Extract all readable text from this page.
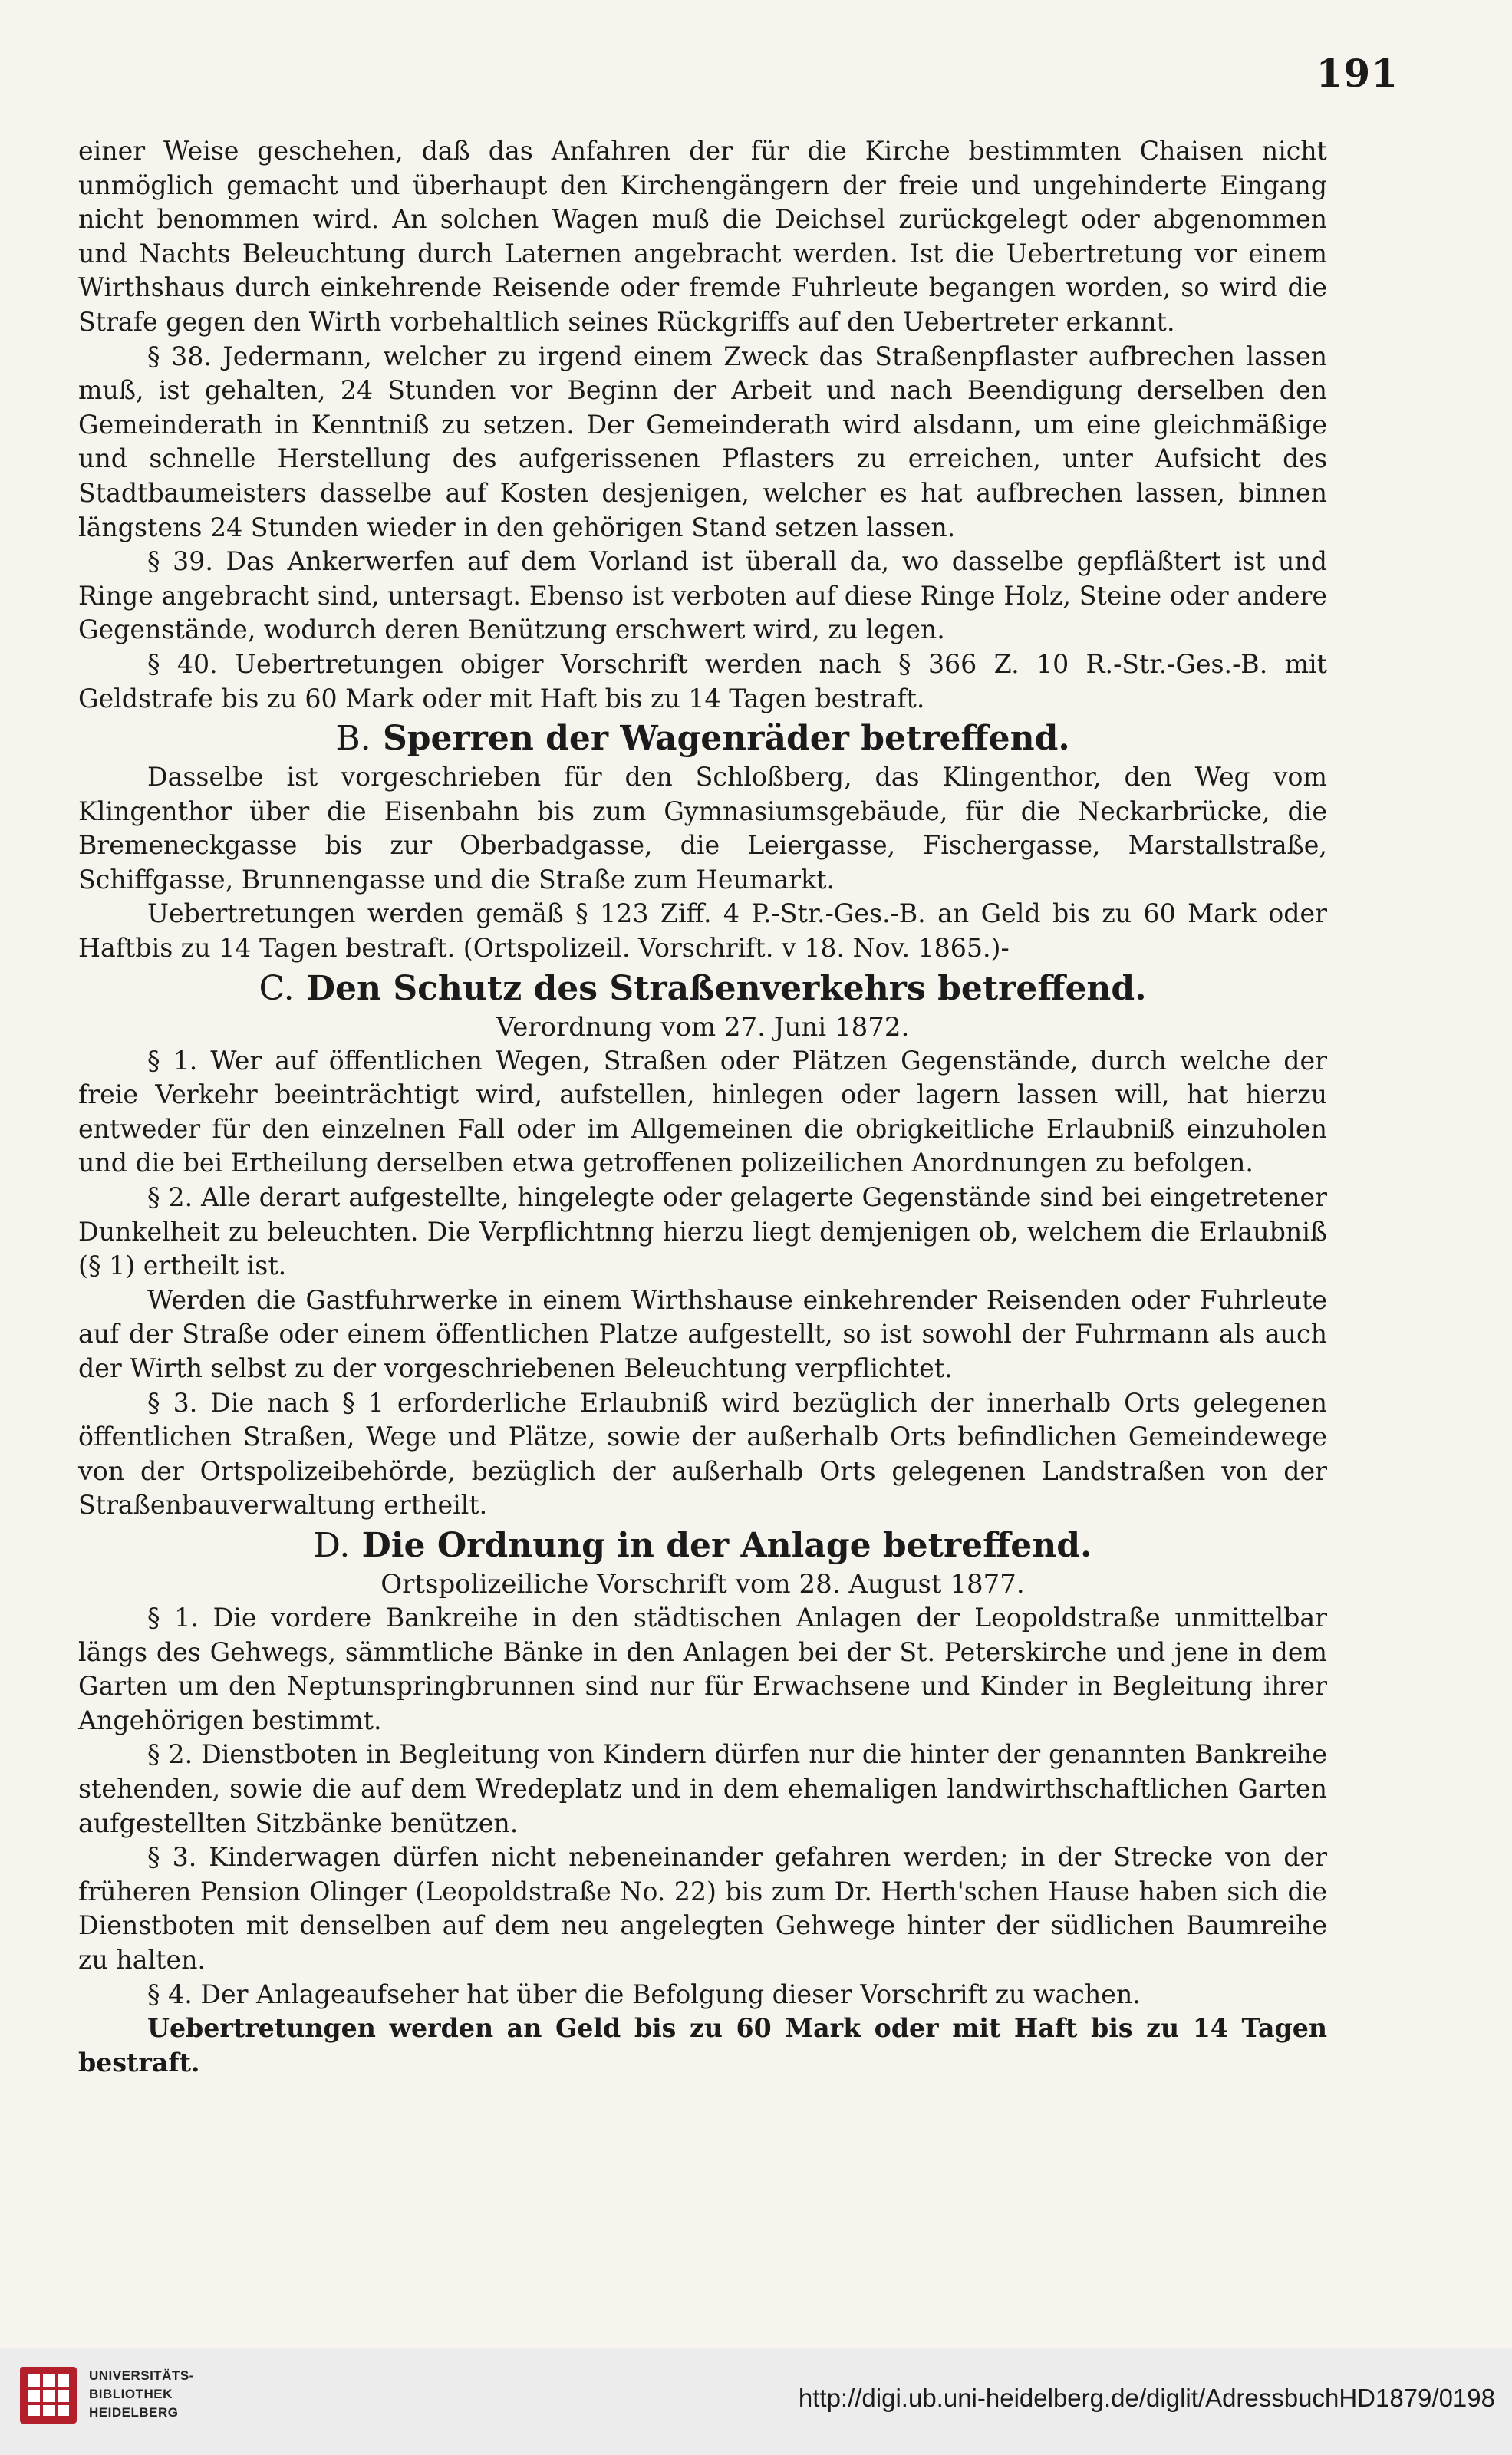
191

einer Weise geschehen, daß das Anfahren der für die Kirche bestimmten Chaisen nicht unmöglich gemacht und überhaupt den Kirchengängern der freie und ungehinderte Eingang nicht benommen wird. An solchen Wagen muß die Deichsel zurückgelegt oder abgenommen und Nachts Beleuchtung durch Laternen angebracht werden. Ist die Uebertretung vor einem Wirthshaus durch einkehrende Reisende oder fremde Fuhrleute begangen worden, so wird die Strafe gegen den Wirth vorbehaltlich seines Rückgriffs auf den Uebertreter erkannt.

§ 38. Jedermann, welcher zu irgend einem Zweck das Straßenpflaster aufbrechen lassen muß, ist gehalten, 24 Stunden vor Beginn der Arbeit und nach Beendigung derselben den Gemeinderath in Kenntniß zu setzen. Der Gemeinderath wird alsdann, um eine gleichmäßige und schnelle Herstellung des aufgerissenen Pflasters zu erreichen, unter Aufsicht des Stadtbaumeisters dasselbe auf Kosten desjenigen, welcher es hat aufbrechen lassen, binnen längstens 24 Stunden wieder in den gehörigen Stand setzen lassen.

§ 39. Das Ankerwerfen auf dem Vorland ist überall da, wo dasselbe gepfläßtert ist und Ringe angebracht sind, untersagt. Ebenso ist verboten auf diese Ringe Holz, Steine oder andere Gegenstände, wodurch deren Benützung erschwert wird, zu legen.

§ 40. Uebertretungen obiger Vorschrift werden nach § 366 Z. 10 R.-Str.-Ges.-B. mit Geldstrafe bis zu 60 Mark oder mit Haft bis zu 14 Tagen bestraft.

B. Sperren der Wagenräder betreffend.

Dasselbe ist vorgeschrieben für den Schloßberg, das Klingenthor, den Weg vom Klingenthor über die Eisenbahn bis zum Gymnasiumsgebäude, für die Neckarbrücke, die Bremeneckgasse bis zur Oberbadgasse, die Leiergasse, Fischergasse, Marstallstraße, Schiffgasse, Brunnengasse und die Straße zum Heumarkt.

Uebertretungen werden gemäß § 123 Ziff. 4 P.-Str.-Ges.-B. an Geld bis zu 60 Mark oder Haftbis zu 14 Tagen bestraft. (Ortspolizeil. Vorschrift. v 18. Nov. 1865.)-

C. Den Schutz des Straßenverkehrs betreffend.

Verordnung vom 27. Juni 1872.

§ 1. Wer auf öffentlichen Wegen, Straßen oder Plätzen Gegenstände, durch welche der freie Verkehr beeinträchtigt wird, aufstellen, hinlegen oder lagern lassen will, hat hierzu entweder für den einzelnen Fall oder im Allgemeinen die obrigkeitliche Erlaubniß einzuholen und die bei Ertheilung derselben etwa getroffenen polizeilichen Anordnungen zu befolgen.

§ 2. Alle derart aufgestellte, hingelegte oder gelagerte Gegenstände sind bei eingetretener Dunkelheit zu beleuchten. Die Verpflichtnng hierzu liegt demjenigen ob, welchem die Erlaubniß (§ 1) ertheilt ist.

Werden die Gastfuhrwerke in einem Wirthshause einkehrender Reisenden oder Fuhrleute auf der Straße oder einem öffentlichen Platze aufgestellt, so ist sowohl der Fuhrmann als auch der Wirth selbst zu der vorgeschriebenen Beleuchtung verpflichtet.

§ 3. Die nach § 1 erforderliche Erlaubniß wird bezüglich der innerhalb Orts gelegenen öffentlichen Straßen, Wege und Plätze, sowie der außerhalb Orts befindlichen Gemeindewege von der Ortspolizeibehörde, bezüglich der außerhalb Orts gelegenen Landstraßen von der Straßenbauverwaltung ertheilt.

D. Die Ordnung in der Anlage betreffend.

Ortspolizeiliche Vorschrift vom 28. August 1877.

§ 1. Die vordere Bankreihe in den städtischen Anlagen der Leopoldstraße unmittelbar längs des Gehwegs, sämmtliche Bänke in den Anlagen bei der St. Peterskirche und jene in dem Garten um den Neptunspringbrunnen sind nur für Erwachsene und Kinder in Begleitung ihrer Angehörigen bestimmt.

§ 2. Dienstboten in Begleitung von Kindern dürfen nur die hinter der genannten Bankreihe stehenden, sowie die auf dem Wredeplatz und in dem ehemaligen landwirthschaftlichen Garten aufgestellten Sitzbänke benützen.

§ 3. Kinderwagen dürfen nicht nebeneinander gefahren werden; in der Strecke von der früheren Pension Olinger (Leopoldstraße No. 22) bis zum Dr. Herth'schen Hause haben sich die Dienstboten mit denselben auf dem neu angelegten Gehwege hinter der südlichen Baumreihe zu halten.

§ 4. Der Anlageaufseher hat über die Befolgung dieser Vorschrift zu wachen.

Uebertretungen werden an Geld bis zu 60 Mark oder mit Haft bis zu 14 Tagen bestraft.

UNIVERSITÄTS-
BIBLIOTHEK
HEIDELBERG
http://digi.ub.uni-heidelberg.de/diglit/AdressbuchHD1879/0198
